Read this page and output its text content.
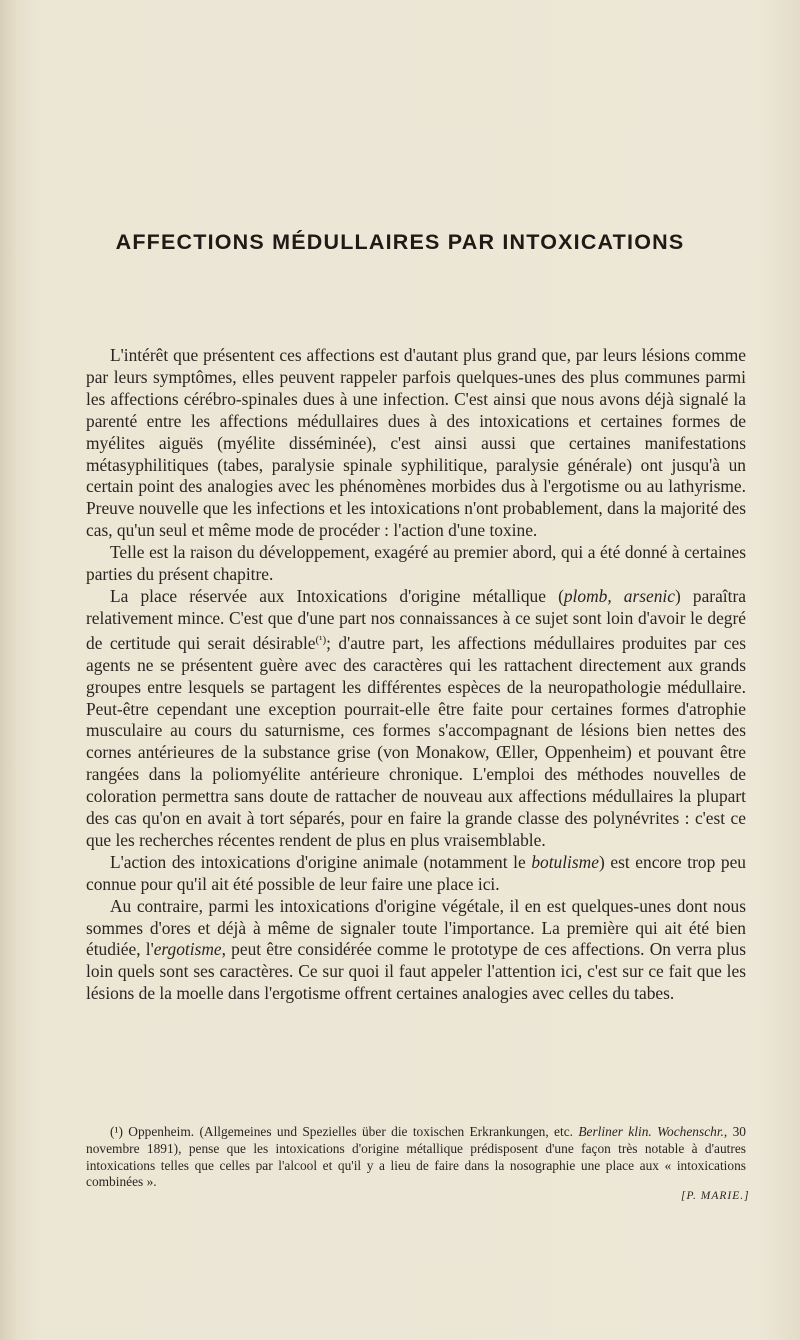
AFFECTIONS MÉDULLAIRES PAR INTOXICATIONS

L'intérêt que présentent ces affections est d'autant plus grand que, par leurs lésions comme par leurs symptômes, elles peuvent rappeler parfois quelques-unes des plus communes parmi les affections cérébro-spinales dues à une infection. C'est ainsi que nous avons déjà signalé la parenté entre les affections médullaires dues à des intoxications et certaines formes de myélites aiguës (myélite disséminée), c'est ainsi aussi que certaines manifestations métasyphilitiques (tabes, paralysie spinale syphilitique, paralysie générale) ont jusqu'à un certain point des analogies avec les phénomènes morbides dus à l'ergotisme ou au lathyrisme. Preuve nouvelle que les infections et les intoxications n'ont probablement, dans la majorité des cas, qu'un seul et même mode de procéder : l'action d'une toxine.

Telle est la raison du développement, exagéré au premier abord, qui a été donné à certaines parties du présent chapitre.

La place réservée aux Intoxications d'origine métallique (plomb, arsenic) paraîtra relativement mince. C'est que d'une part nos connaissances à ce sujet sont loin d'avoir le degré de certitude qui serait désirable$^{(^1)}$; d'autre part, les affections médullaires produites par ces agents ne se présentent guère avec des caractères qui les rattachent directement aux grands groupes entre lesquels se partagent les différentes espèces de la neuropathologie médullaire. Peut-être cependant une exception pourrait-elle être faite pour certaines formes d'atrophie musculaire au cours du saturnisme, ces formes s'accompagnant de lésions bien nettes des cornes antérieures de la substance grise (von Monakow, Œller, Oppenheim) et pouvant être rangées dans la poliomyélite antérieure chronique. L'emploi des méthodes nouvelles de coloration permettra sans doute de rattacher de nouveau aux affections médullaires la plupart des cas qu'on en avait à tort séparés, pour en faire la grande classe des polynévrites : c'est ce que les recherches récentes rendent de plus en plus vraisemblable.

L'action des intoxications d'origine animale (notamment le botulisme) est encore trop peu connue pour qu'il ait été possible de leur faire une place ici.

Au contraire, parmi les intoxications d'origine végétale, il en est quelques-unes dont nous sommes d'ores et déjà à même de signaler toute l'importance. La première qui ait été bien étudiée, l'ergotisme, peut être considérée comme le prototype de ces affections. On verra plus loin quels sont ses caractères. Ce sur quoi il faut appeler l'attention ici, c'est sur ce fait que les lésions de la moelle dans l'ergotisme offrent certaines analogies avec celles du tabes.

(¹) Oppenheim. (Allgemeines und Spezielles über die toxischen Erkrankungen, etc. Berliner klin. Wochenschr., 30 novembre 1891), pense que les intoxications d'origine métallique prédisposent d'une façon très notable à d'autres intoxications telles que celles par l'alcool et qu'il y a lieu de faire dans la nosographie une place aux « intoxications combinées ».
[P. MARIE.]
